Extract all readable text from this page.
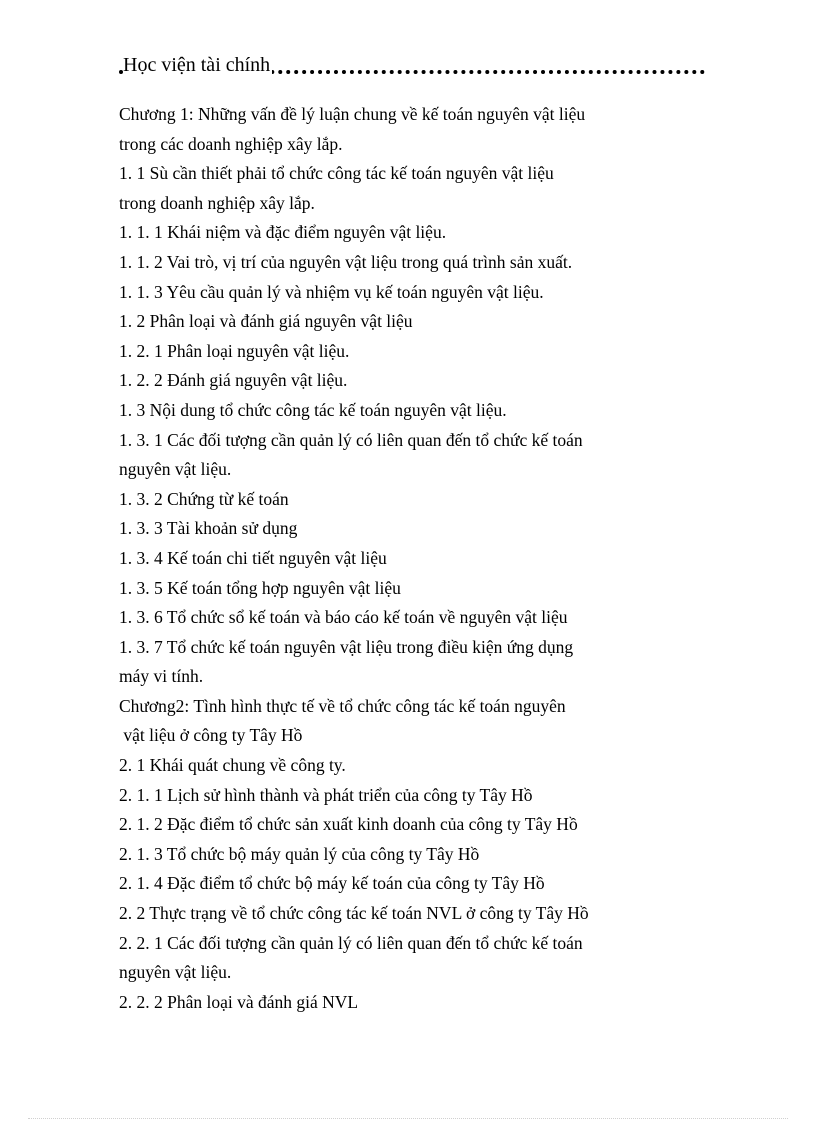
Học viện tài chính
Chương 1: Những vấn đề lý luận chung về kế toán nguyên vật liệu
trong các doanh nghiệp xây lắp.
1. 1 Sù cần thiết phải tổ chức công tác kế toán nguyên vật liệu
trong doanh nghiệp xây lắp.
1. 1. 1 Khái niệm và đặc điểm nguyên vật liệu.
1. 1. 2 Vai trò, vị trí của nguyên vật liệu trong quá trình sản xuất.
1. 1. 3 Yêu cầu quản lý và nhiệm vụ kế toán nguyên vật liệu.
1. 2 Phân loại và đánh giá nguyên vật liệu
1. 2. 1 Phân loại nguyên vật liệu.
1. 2. 2 Đánh giá nguyên vật liệu.
1. 3 Nội dung tổ chức công tác kế toán nguyên vật liệu.
1. 3. 1 Các đối tượng cần quản lý có liên quan đến tổ chức kế toán
nguyên vật liệu.
1. 3. 2 Chứng từ kế toán
1. 3. 3 Tài khoản sử dụng
1. 3. 4 Kế toán chi tiết nguyên vật liệu
1. 3. 5 Kế toán tổng hợp nguyên vật liệu
1. 3. 6 Tổ chức sổ kế toán và báo cáo kế toán về nguyên vật liệu
1. 3. 7 Tổ chức kế toán nguyên vật liệu trong điều kiện ứng dụng
máy vi tính.
Chương2: Tình hình thực tế về tổ chức công tác kế toán nguyên
vật liệu ở công ty Tây Hồ
2. 1 Khái quát chung về công ty.
2. 1. 1 Lịch sử hình thành và phát triển của công ty Tây Hồ
2. 1. 2 Đặc điểm tổ chức sản xuất kinh doanh của công ty Tây Hồ
2. 1. 3 Tổ chức bộ máy quản lý của công ty Tây Hồ
2. 1. 4 Đặc điểm tổ chức bộ máy kế toán của công ty Tây Hồ
2. 2 Thực trạng về tổ chức công tác kế toán NVL ở công ty Tây Hồ
2. 2. 1 Các đối tượng cần quản lý có liên quan đến tổ chức kế toán
nguyên vật liệu.
2. 2. 2 Phân loại và đánh giá NVL
